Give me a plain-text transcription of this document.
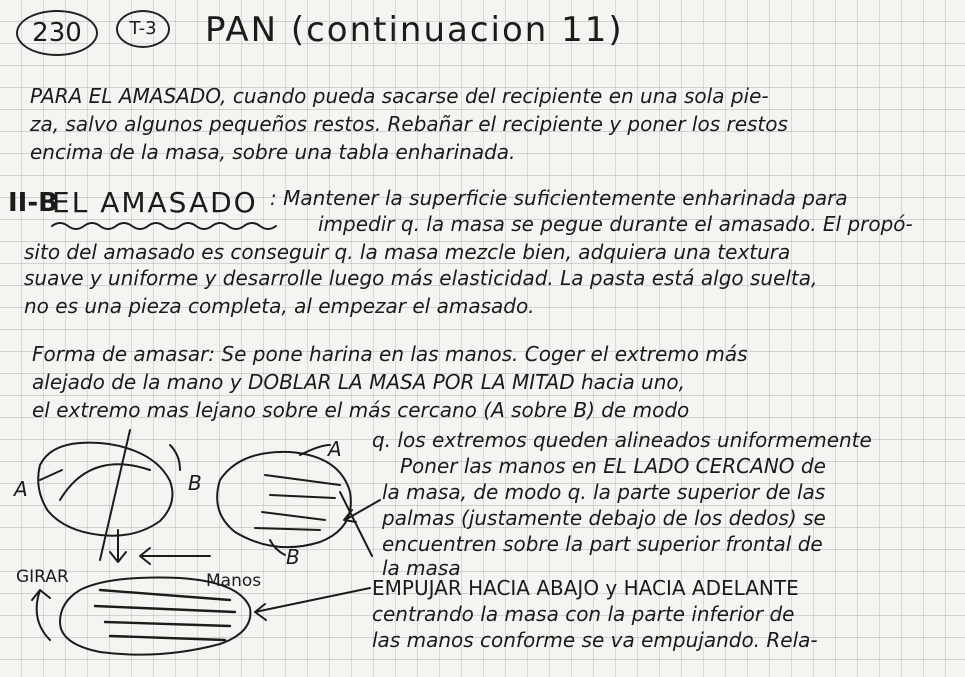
230	T-3	PAN (continuacion 11)
PARA EL AMASADO, cuando pueda sacarse del recipiente en una sola pie-
za, salvo algunos pequeños restos. Rebañar el recipiente y poner los restos
encima de la masa, sobre una tabla enharinada.
II-B
EL AMASADO : Mantener la superficie suficientemente enharinada para
impedir q. la masa se pegue durante el amasado. El propó-
sito del amasado es conseguir q. la masa mezcle bien, adquiera una textura
suave y uniforme y desarrolle luego más elasticidad. La pasta está algo suelta,
no es una pieza completa, al empezar el amasado.
Forma de amasar: Se pone harina en las manos. Coger el extremo más
alejado de la mano y DOBLAR LA MASA POR LA MITAD hacia uno,
el extremo mas lejano sobre el más cercano (A sobre B) de modo
q. los extremos queden alineados uniformemente
Poner las manos en EL LADO CERCANO de
la masa, de modo q. la parte superior de las
palmas (justamente debajo de los dedos) se
encuentren sobre la part superior frontal de
la masa
EMPUJAR HACIA ABAJO y HACIA ADELANTE
centrando la masa con la parte inferior de
las manos conforme se va empujando. Rela-
A	B
A
B
GIRAR	Manos
